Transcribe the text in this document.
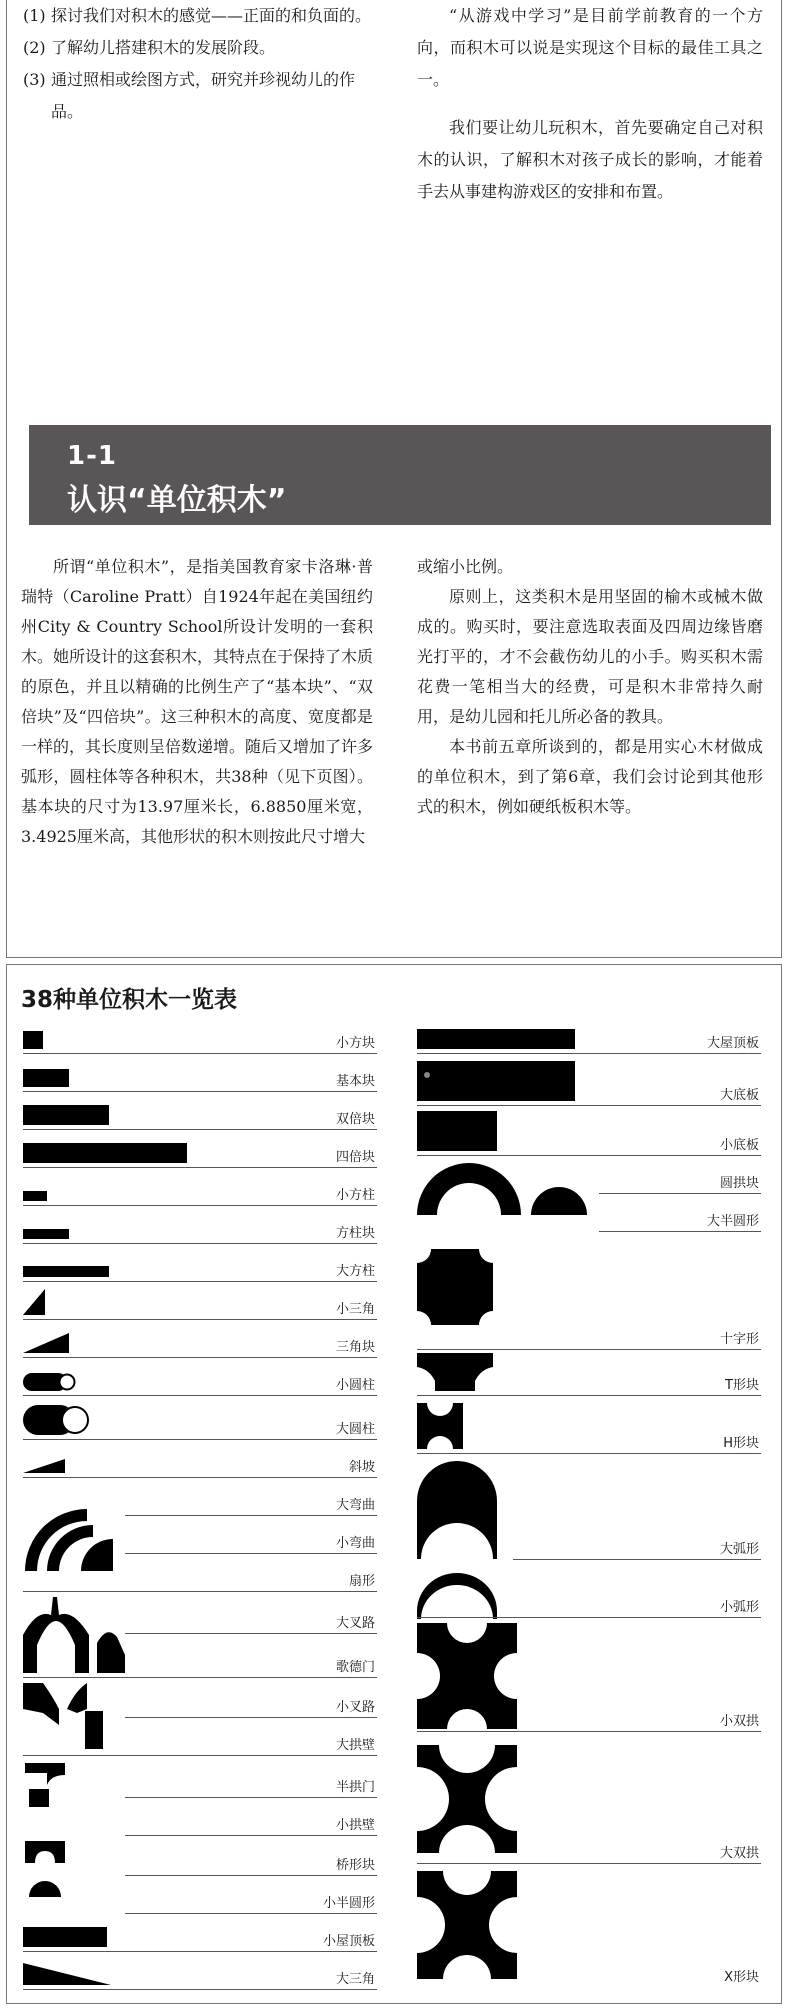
(1) 探讨我们对积木的感觉——正面的和负面的。
(2) 了解幼儿搭建积木的发展阶段。
(3) 通过照相或绘图方式，研究并珍视幼儿的作品。

“从游戏中学习”是目前学前教育的一个方向，而积木可以说是实现这个目标的最佳工具之一。

我们要让幼儿玩积木，首先要确定自己对积木的认识，了解积木对孩子成长的影响，才能着手去从事建构游戏区的安排和布置。

1-1
认识“单位积木”

所谓“单位积木”，是指美国教育家卡洛琳·普瑞特（Caroline Pratt）自1924年起在美国纽约州City & Country School所设计发明的一套积木。她所设计的这套积木，其特点在于保持了木质的原色，并且以精确的比例生产了“基本块”、“双倍块”及“四倍块”。这三种积木的高度、宽度都是一样的，其长度则呈倍数递增。随后又增加了许多弧形，圆柱体等各种积木，共38种（见下页图）。基本块的尺寸为13.97厘米长，6.8850厘米宽，3.4925厘米高，其他形状的积木则按此尺寸增大

或缩小比例。

原则上，这类积木是用坚固的榆木或械木做成的。购买时，要注意选取表面及四周边缘皆磨光打平的，才不会截伤幼儿的小手。购买积木需花费一笔相当大的经费，可是积木非常持久耐用，是幼儿园和托儿所必备的教具。

本书前五章所谈到的，都是用实心木材做成的单位积木，到了第6章，我们会讨论到其他形式的积木，例如硬纸板积木等。

38种单位积木一览表
小方块
基本块
双倍块
四倍块
小方柱
方柱块
大方柱
小三角
三角块
小圆柱
大圆柱
斜坡
大弯曲
小弯曲
扇形
大叉路
歌德门
小叉路
大拱壁
半拱门
小拱壁
桥形块
小半圆形
小屋顶板
大三角
大屋顶板
大底板
小底板
圆拱块
大半圆形
十字形
T形块
H形块
大弧形
小弧形
小双拱
大双拱
X形块
